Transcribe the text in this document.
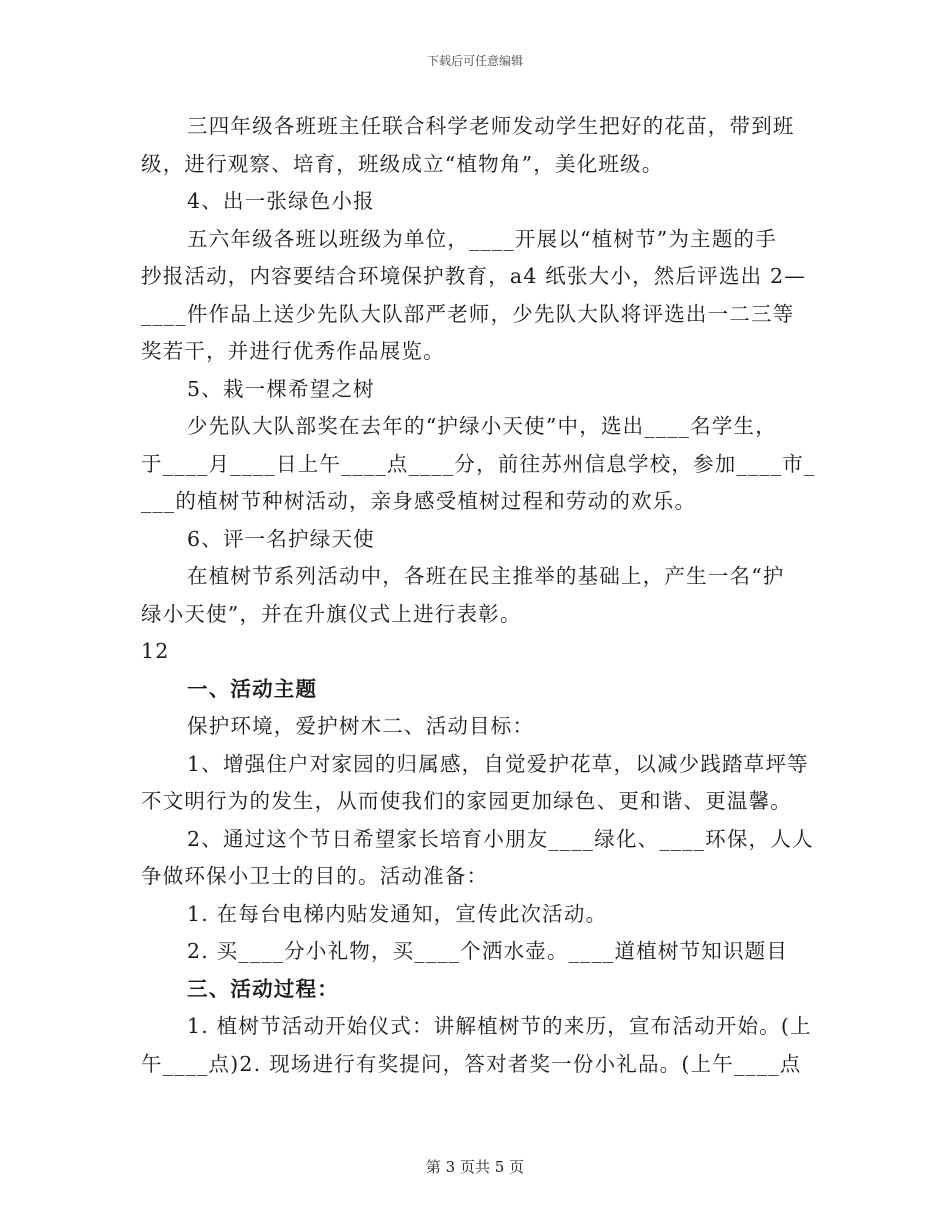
下载后可任意编辑
三四年级各班班主任联合科学老师发动学生把好的花苗，带到班
级，进行观察、培育，班级成立“植物角”，美化班级。
4、出一张绿色小报
五六年级各班以班级为单位，____开展以“植树节”为主题的手
抄报活动，内容要结合环境保护教育，a4 纸张大小，然后评选出 2—
____件作品上送少先队大队部严老师，少先队大队将评选出一二三等
奖若干，并进行优秀作品展览。
5、栽一棵希望之树
少先队大队部奖在去年的“护绿小天使”中，选出____名学生，
于____月____日上午____点____分，前往苏州信息学校，参加____市_
___的植树节种树活动，亲身感受植树过程和劳动的欢乐。
6、评一名护绿天使
在植树节系列活动中，各班在民主推举的基础上，产生一名“护
绿小天使”，并在升旗仪式上进行表彰。
12
一、活动主题
保护环境，爱护树木二、活动目标：
1、增强住户对家园的归属感，自觉爱护花草，以减少践踏草坪等
不文明行为的发生，从而使我们的家园更加绿色、更和谐、更温馨。
2、通过这个节日希望家长培育小朋友____绿化、____环保，人人
争做环保小卫士的目的。活动准备：
1. 在每台电梯内贴发通知，宣传此次活动。
2. 买____分小礼物，买____个洒水壶。____道植树节知识题目
三、活动过程：
1. 植树节活动开始仪式：讲解植树节的来历，宣布活动开始。(上
午____点)2. 现场进行有奖提问，答对者奖一份小礼品。(上午____点
第 3 页共 5 页
